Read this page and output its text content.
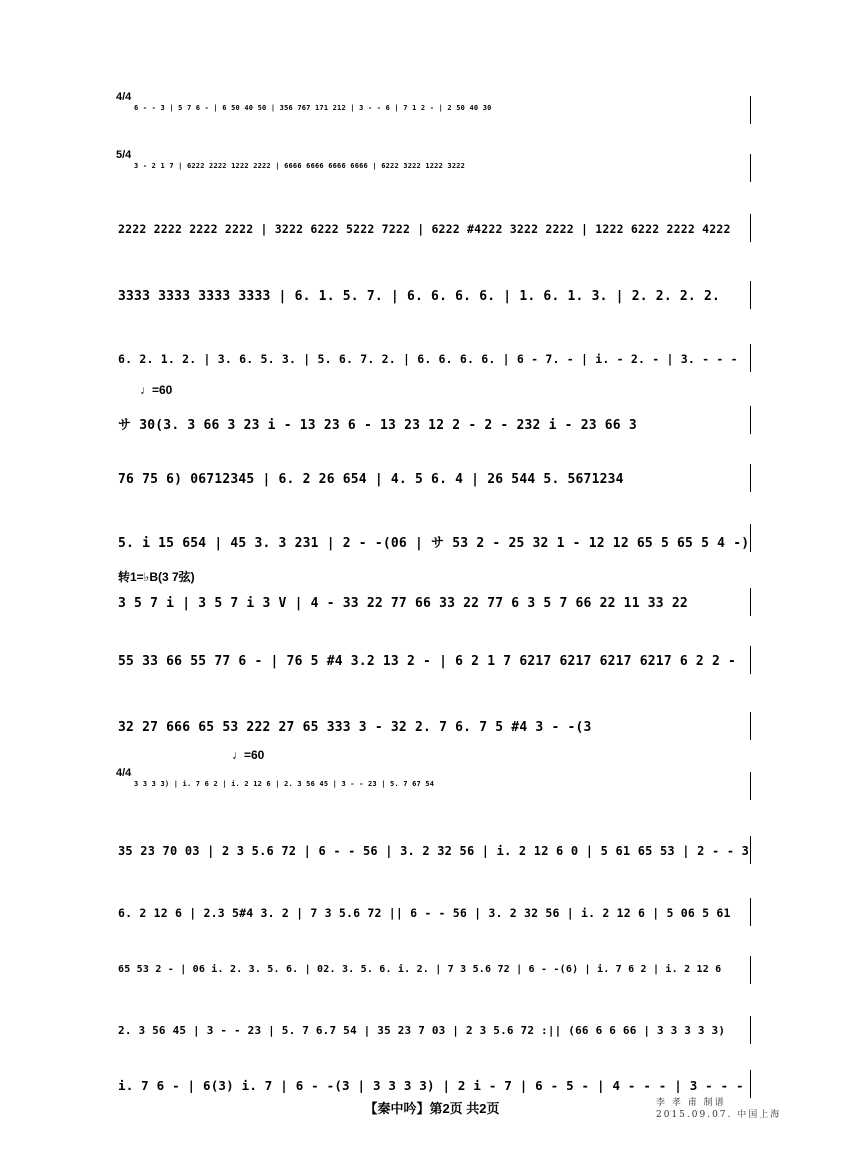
4/4
6 - - 3 | 5 7 6 - | 6 50 40 50 | 356 767 171 212 | 3 - - 6 | 7 1 2 - | 2 50 40 30
5/4
3 - 2 1 7 | 6222 2222 1222 2222 | 6666 6666 6666 6666 | 6222 3222 1222 3222
2222 2222 2222 2222 | 3222 6222 5222 7222 | 6222 #4222 3222 2222 | 1222 6222 2222 4222
3333 3333 3333 3333 | 6. 1. 5. 7. | 6. 6. 6. 6. | 1. 6. 1. 3. | 2. 2. 2. 2.
6. 2. 1. 2. | 3. 6. 5. 3. | 5. 6. 7. 2. | 6. 6. 6. 6. | 6 - 7. - | i. - 2. - | 3. - - -
♩=60
サ 30(3. 3 66 3 23 i - 13 23 6 - 13 23 12 2 - 2 - 232 i - 23 66 3
76 75 6) 06712345 | 6. 2 26 654 | 4. 5 6. 4 | 26 544 5. 5671234
5. i 15 654 | 45 3. 3 231 | 2 - -(06 | サ 53 2 - 25 32 1 - 12 12 65 5 65 5 4 -)
转1=♭B(3 7弦)
3 5 7 i | 3 5 7 i 3 V | 4 - 33 22 77 66 33 22 77 6 3 5 7 66 22 11 33 22
55 33 66 55 77 6 - | 76 5 #4 3.2 13 2 - | 6 2 1 7 6217 6217 6217 6217 6 2 2 -
32 27 666 65 53 222 27 65 333 3 - 32 2. 7 6. 7 5 #4 3 - -(3
♩=60
4/4
3 3 3 3) | i. 7 6 2 | i. 2 12 6 | 2. 3 56 45 | 3 - - 23 | 5. 7 67 54
35 23 70 03 | 2 3 5.6 72 | 6 - - 56 | 3. 2 32 56 | i. 2 12 6 0 | 5 61 65 53 | 2 - - 3
6. 2 12 6 | 2.3 5#4 3. 2 | 7 3 5.6 72 || 6 - - 56 | 3. 2 32 56 | i. 2 12 6 | 5 06 5 61
65 53 2 - | 06 i. 2. 3. 5. 6. | 02. 3. 5. 6. i. 2. | 7 3 5.6 72 | 6 - -(6) | i. 7 6 2 | i. 2 12 6
2. 3 56 45 | 3 - - 23 | 5. 7 6.7 54 | 35 23 7 03 | 2 3 5.6 72 :|| (66 6 6 66 | 3 3 3 3 3)
i. 7 6 - | 6(3) i. 7 | 6 - -(3 | 3 3 3 3) | 2 i - 7 | 6 - 5 - | 4 - - - | 3 - - -
【秦中吟】第2页 共2页	李 孝 甫 制谱
2015.09.07. 中国上海
